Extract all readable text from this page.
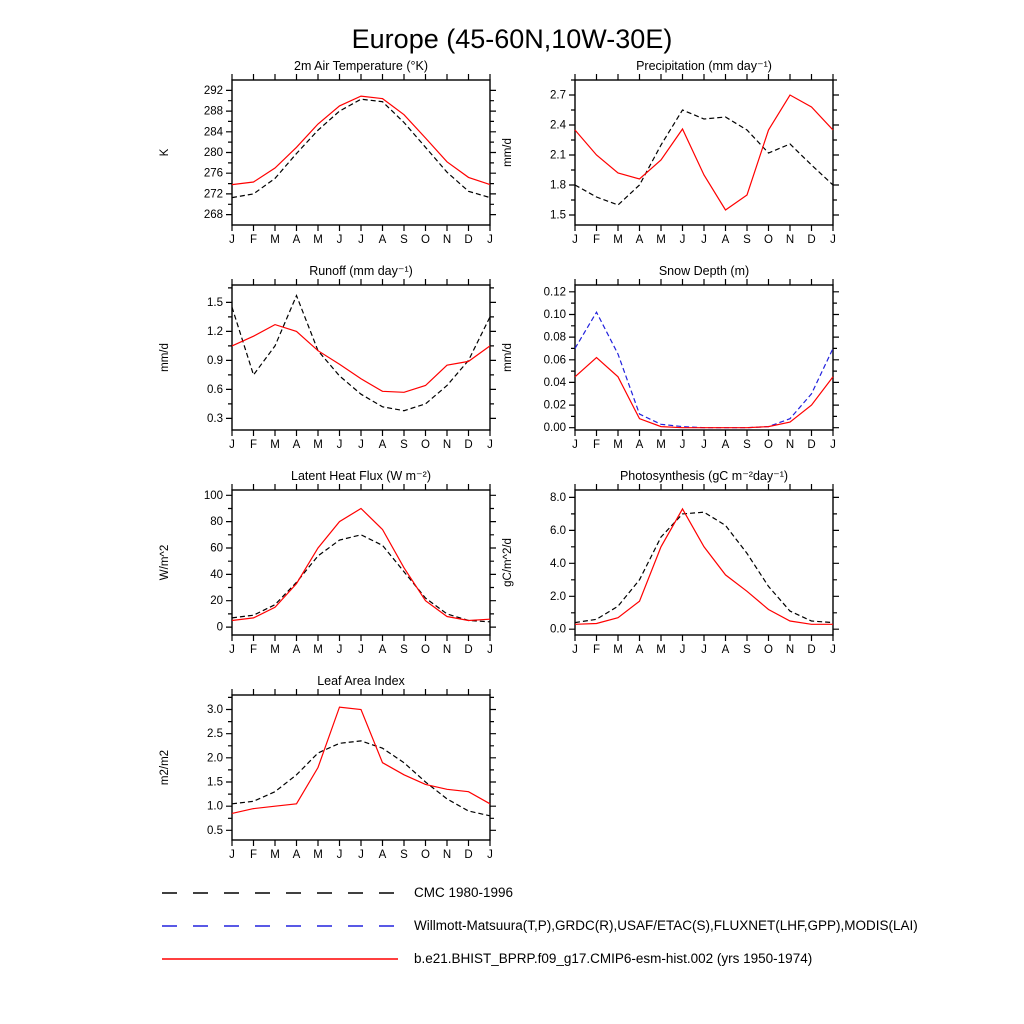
Europe (45-60N,10W-30E)
2m Air Temperature (°K)
268
272
276
280
284
288
292
J F M A M J J A S O N D J
K
Precipitation (mm day⁻¹)
1.5
1.8
2.1
2.4
2.7
J F M A M J J A S O N D J
mm/d
Runoff (mm day⁻¹)
0.3
0.6
0.9
1.2
1.5
J F M A M J J A S O N D J
mm/d
Snow Depth (m)
0.00
0.02
0.04
0.06
0.08
0.10
0.12
J F M A M J J A S O N D J
mm/d
Latent Heat Flux (W m⁻²)
0
20
40
60
80
100
J F M A M J J A S O N D J
W/m^2
Photosynthesis (gC m⁻²day⁻¹)
0.0
2.0
4.0
6.0
8.0
J F M A M J J A S O N D J
gC/m^2/d
Leaf Area Index
0.5
1.0
1.5
2.0
2.5
3.0
J F M A M J J A S O N D J
m2/m2
CMC 1980-1996
Willmott-Matsuura(T,P),GRDC(R),USAF/ETAC(S),FLUXNET(LHF,GPP),MODIS(LAI)
b.e21.BHIST_BPRP.f09_g17.CMIP6-esm-hist.002 (yrs 1950-1974)
